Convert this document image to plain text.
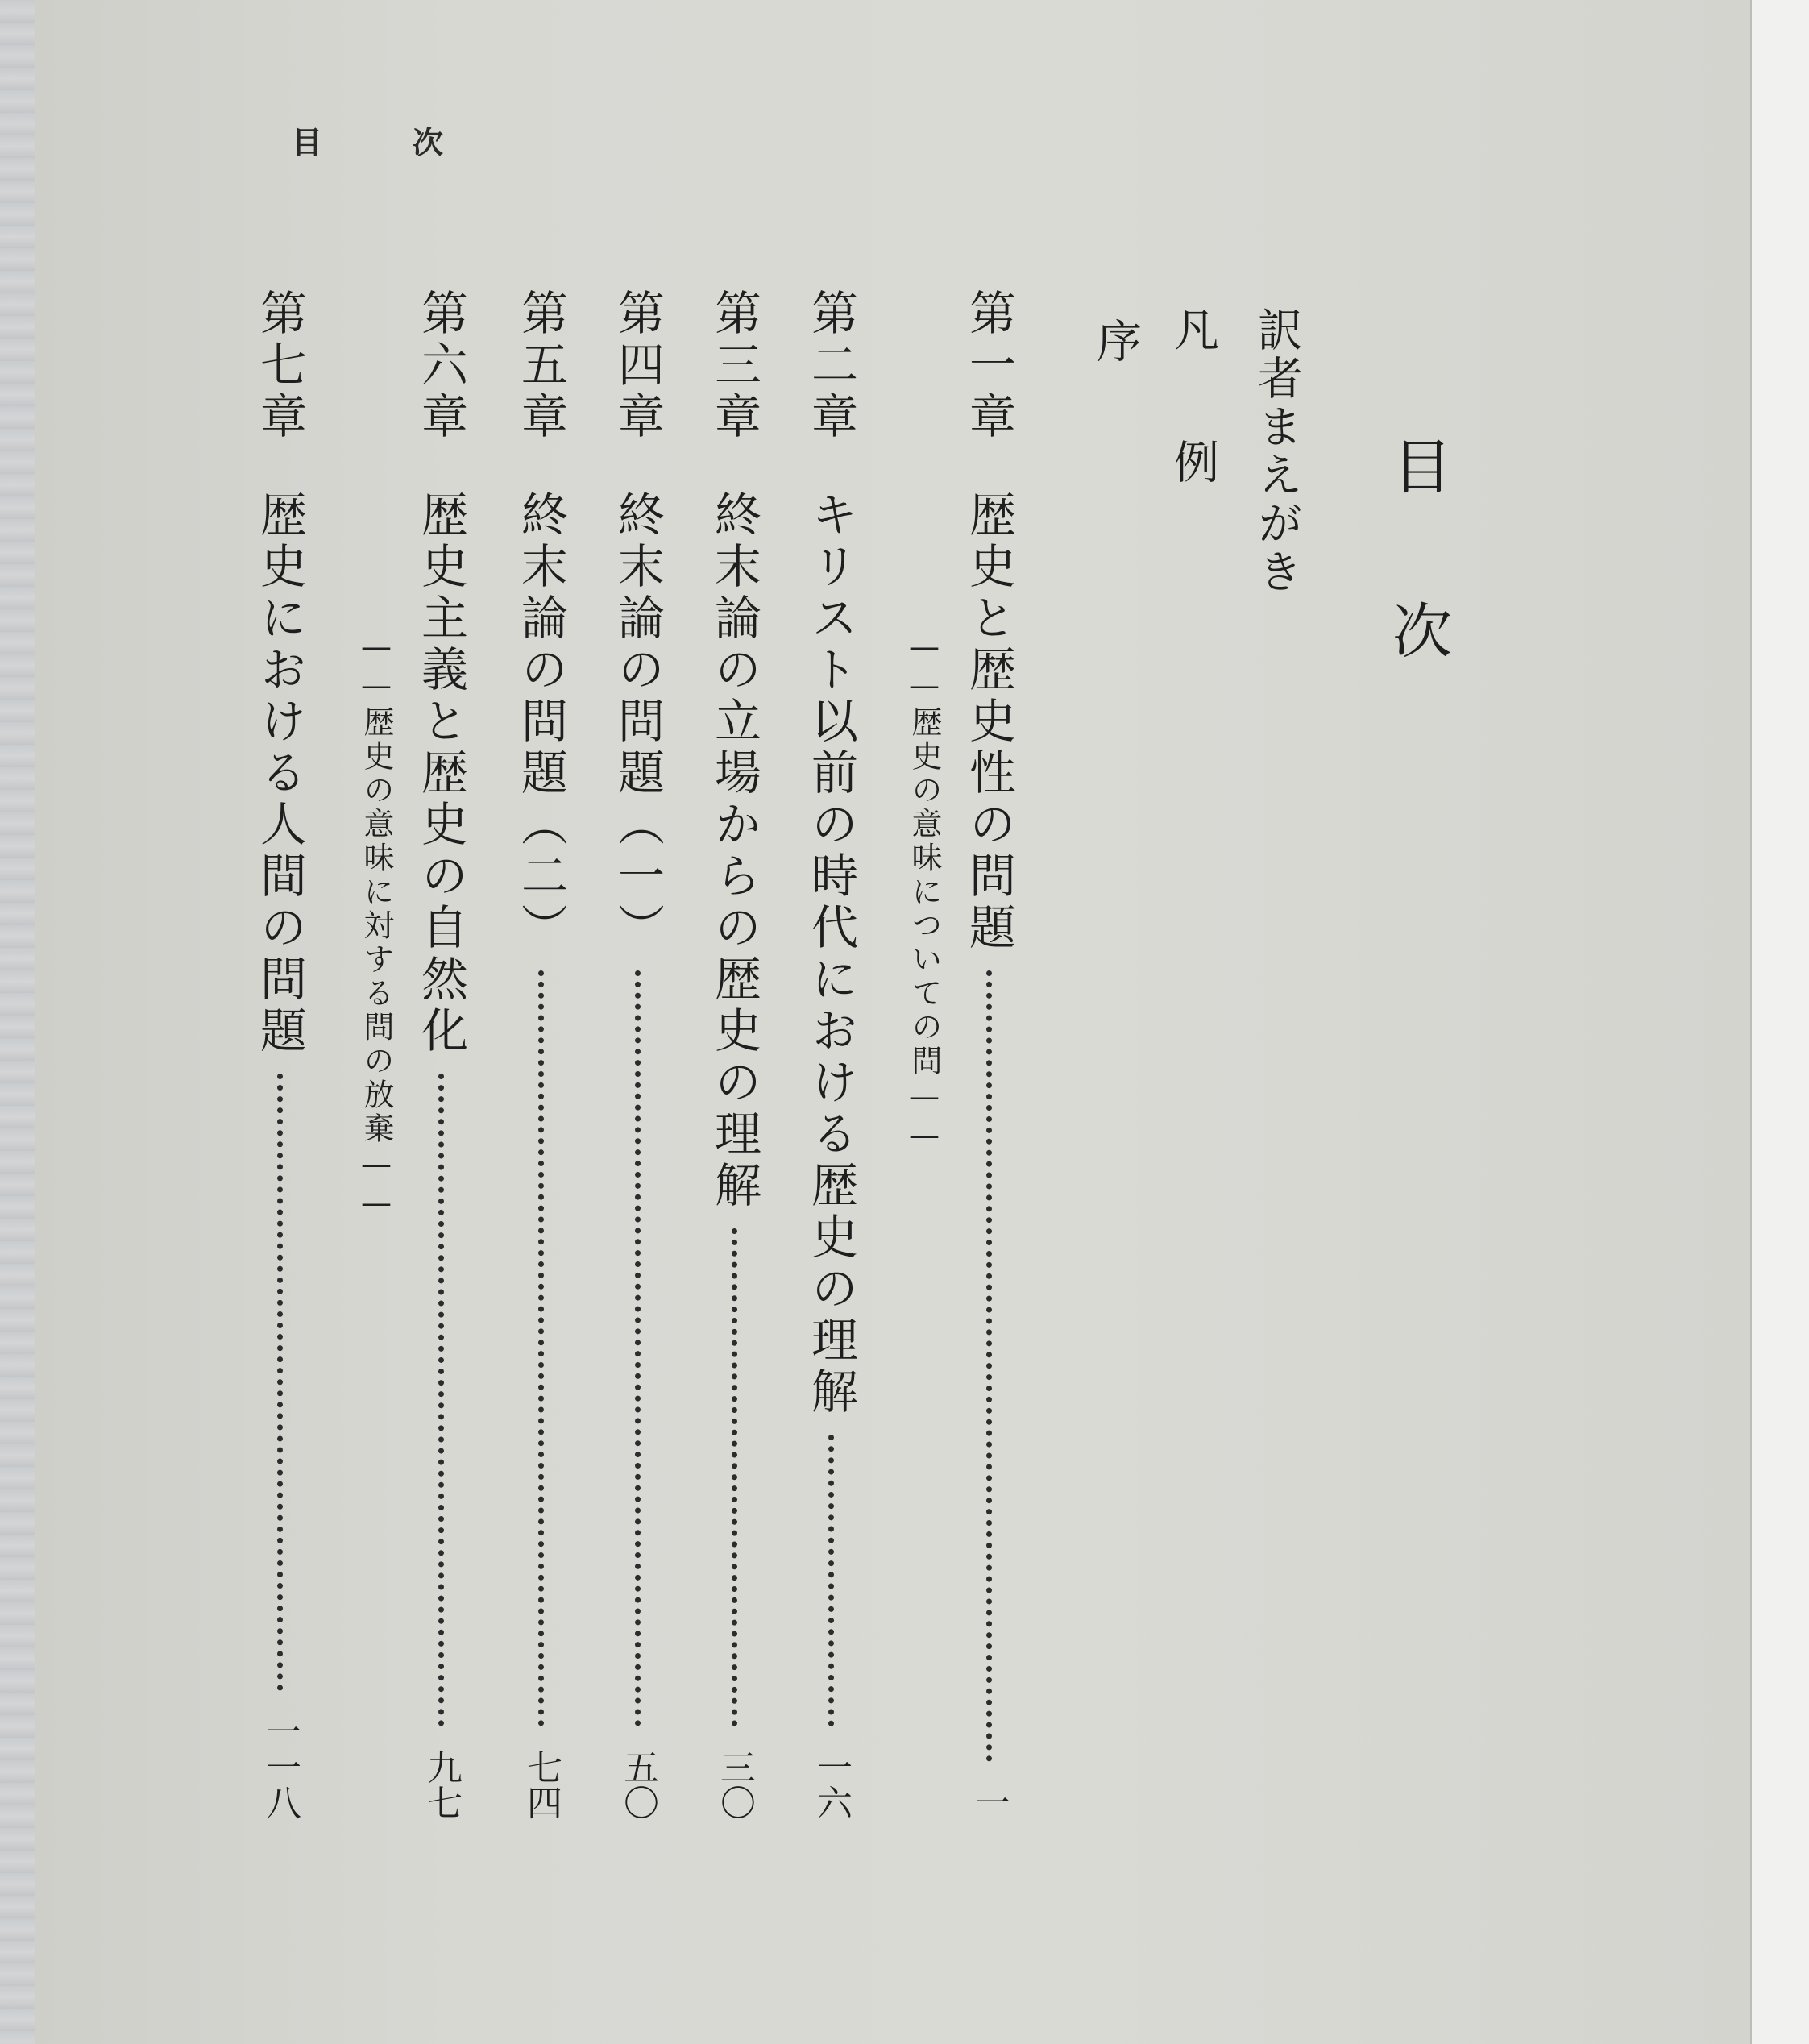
目	次
目次
訳者まえがき
凡例
序
第一章
歴史と歴史性の問題
一
——歴史の意味についての問——
第二章
キリスト以前の時代における歴史の理解
一六
第三章
終末論の立場からの歴史の理解
三〇
第四章
終末論の問題（一）
五〇
第五章
終末論の問題（二）
七四
第六章
歴史主義と歴史の自然化
九七
——歴史の意味に対する問の放棄——
第七章
歴史における人間の問題
一一八
